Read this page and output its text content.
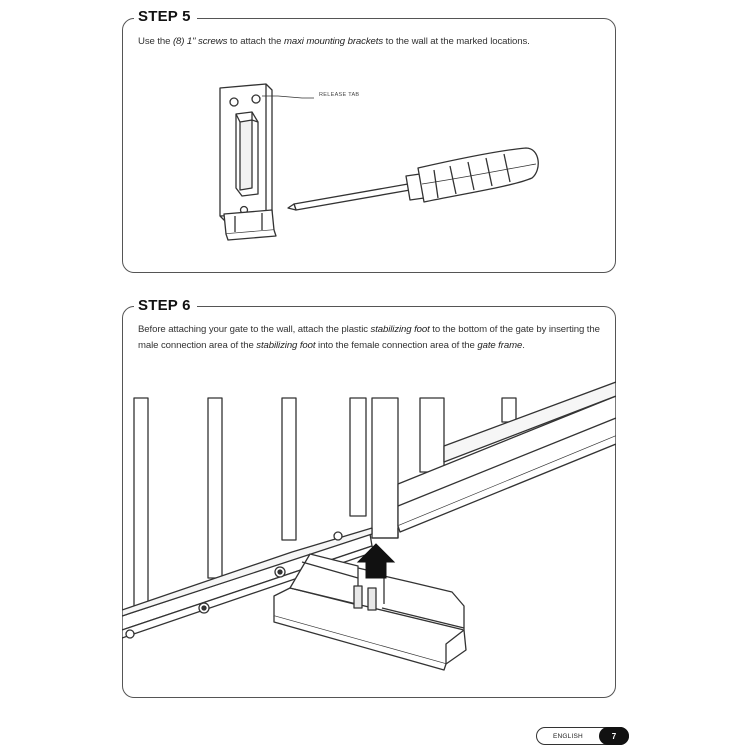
STEP 5
Use the (8) 1" screws to attach the maxi mounting brackets to the wall at the marked locations.
RELEASE TAB
STEP 6
Before attaching your gate to the wall, attach the plastic stabilizing foot to the bottom of the gate by inserting the male connection area of the stabilizing foot into the female connection area of the gate frame.
ENGLISH	7
